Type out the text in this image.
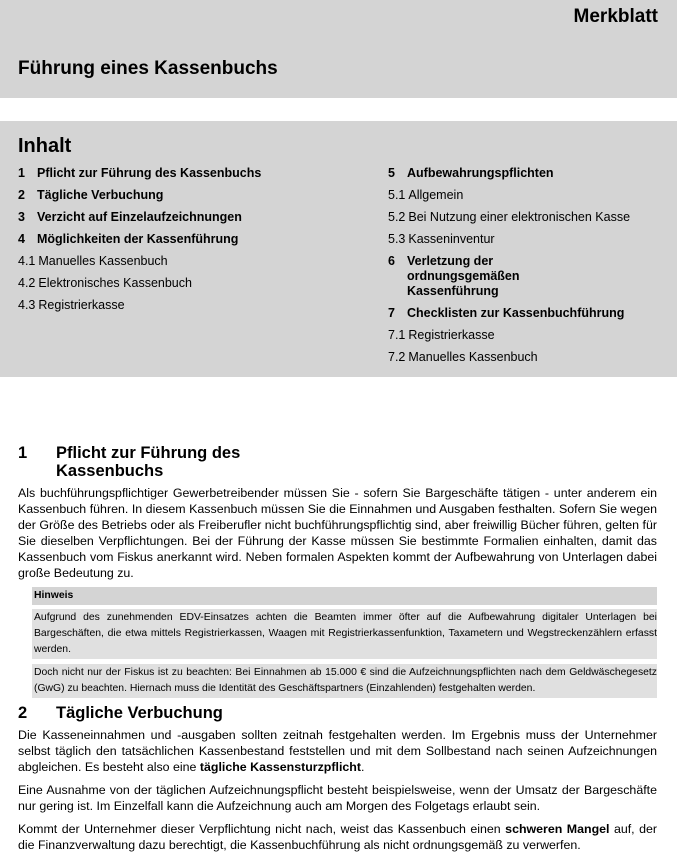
Merkblatt
Führung eines Kassenbuchs
Inhalt
1 Pflicht zur Führung des Kassenbuchs
2 Tägliche Verbuchung
3 Verzicht auf Einzelaufzeichnungen
4 Möglichkeiten der Kassenführung
4.1 Manuelles Kassenbuch
4.2 Elektronisches Kassenbuch
4.3 Registrierkasse
5 Aufbewahrungspflichten
5.1 Allgemein
5.2 Bei Nutzung einer elektronischen Kasse
5.3 Kasseninventur
6 Verletzung der ordnungsgemäßen Kassenführung
7 Checklisten zur Kassenbuchführung
7.1 Registrierkasse
7.2 Manuelles Kassenbuch
1	Pflicht zur Führung des
Kassenbuchs

Als buchführungspflichtiger Gewerbetreibender müssen Sie - sofern Sie Bargeschäfte tätigen - unter anderem ein Kassenbuch führen. In diesem Kassenbuch müssen Sie die Einnahmen und Ausgaben festhalten. Sofern Sie wegen der Größe des Betriebs oder als Freiberufler nicht buchführungspflichtig sind, aber freiwillig Bücher führen, gelten für Sie dieselben Verpflichtungen. Bei der Führung der Kasse müssen Sie bestimmte Formalien einhalten, damit das Kassenbuch vom Fiskus anerkannt wird. Neben formalen Aspekten kommt der Aufbewahrung von Unterlagen dabei große Bedeutung zu.

Hinweis
Aufgrund des zunehmenden EDV-Einsatzes achten die Beamten immer öfter auf die Aufbewahrung digitaler Unterlagen bei Bargeschäften, die etwa mittels Registrierkassen, Waagen mit Registrierkassenfunktion, Taxametern und Wegstreckenzählern erfasst werden.
Doch nicht nur der Fiskus ist zu beachten: Bei Einnahmen ab 15.000 € sind die Aufzeichnungspflichten nach dem Geldwäschegesetz (GwG) zu beachten. Hiernach muss die Identität des Geschäftspartners (Einzahlenden) festgehalten werden.
2	Tägliche Verbuchung

Die Kasseneinnahmen und -ausgaben sollten zeitnah festgehalten werden. Im Ergebnis muss der Unternehmer selbst täglich den tatsächlichen Kassenbestand feststellen und mit dem Sollbestand nach seinen Aufzeichnungen abgleichen. Es besteht also eine tägliche Kassensturzpflicht.

Eine Ausnahme von der täglichen Aufzeichnungspflicht besteht beispielsweise, wenn der Umsatz der Bargeschäfte nur gering ist. Im Einzelfall kann die Aufzeichnung auch am Morgen des Folgetags erlaubt sein.

Kommt der Unternehmer dieser Verpflichtung nicht nach, weist das Kassenbuch einen schweren Mangel auf, der die Finanzverwaltung dazu berechtigt, die Kassenbuchführung als nicht ordnungsgemäß zu verwerfen.
